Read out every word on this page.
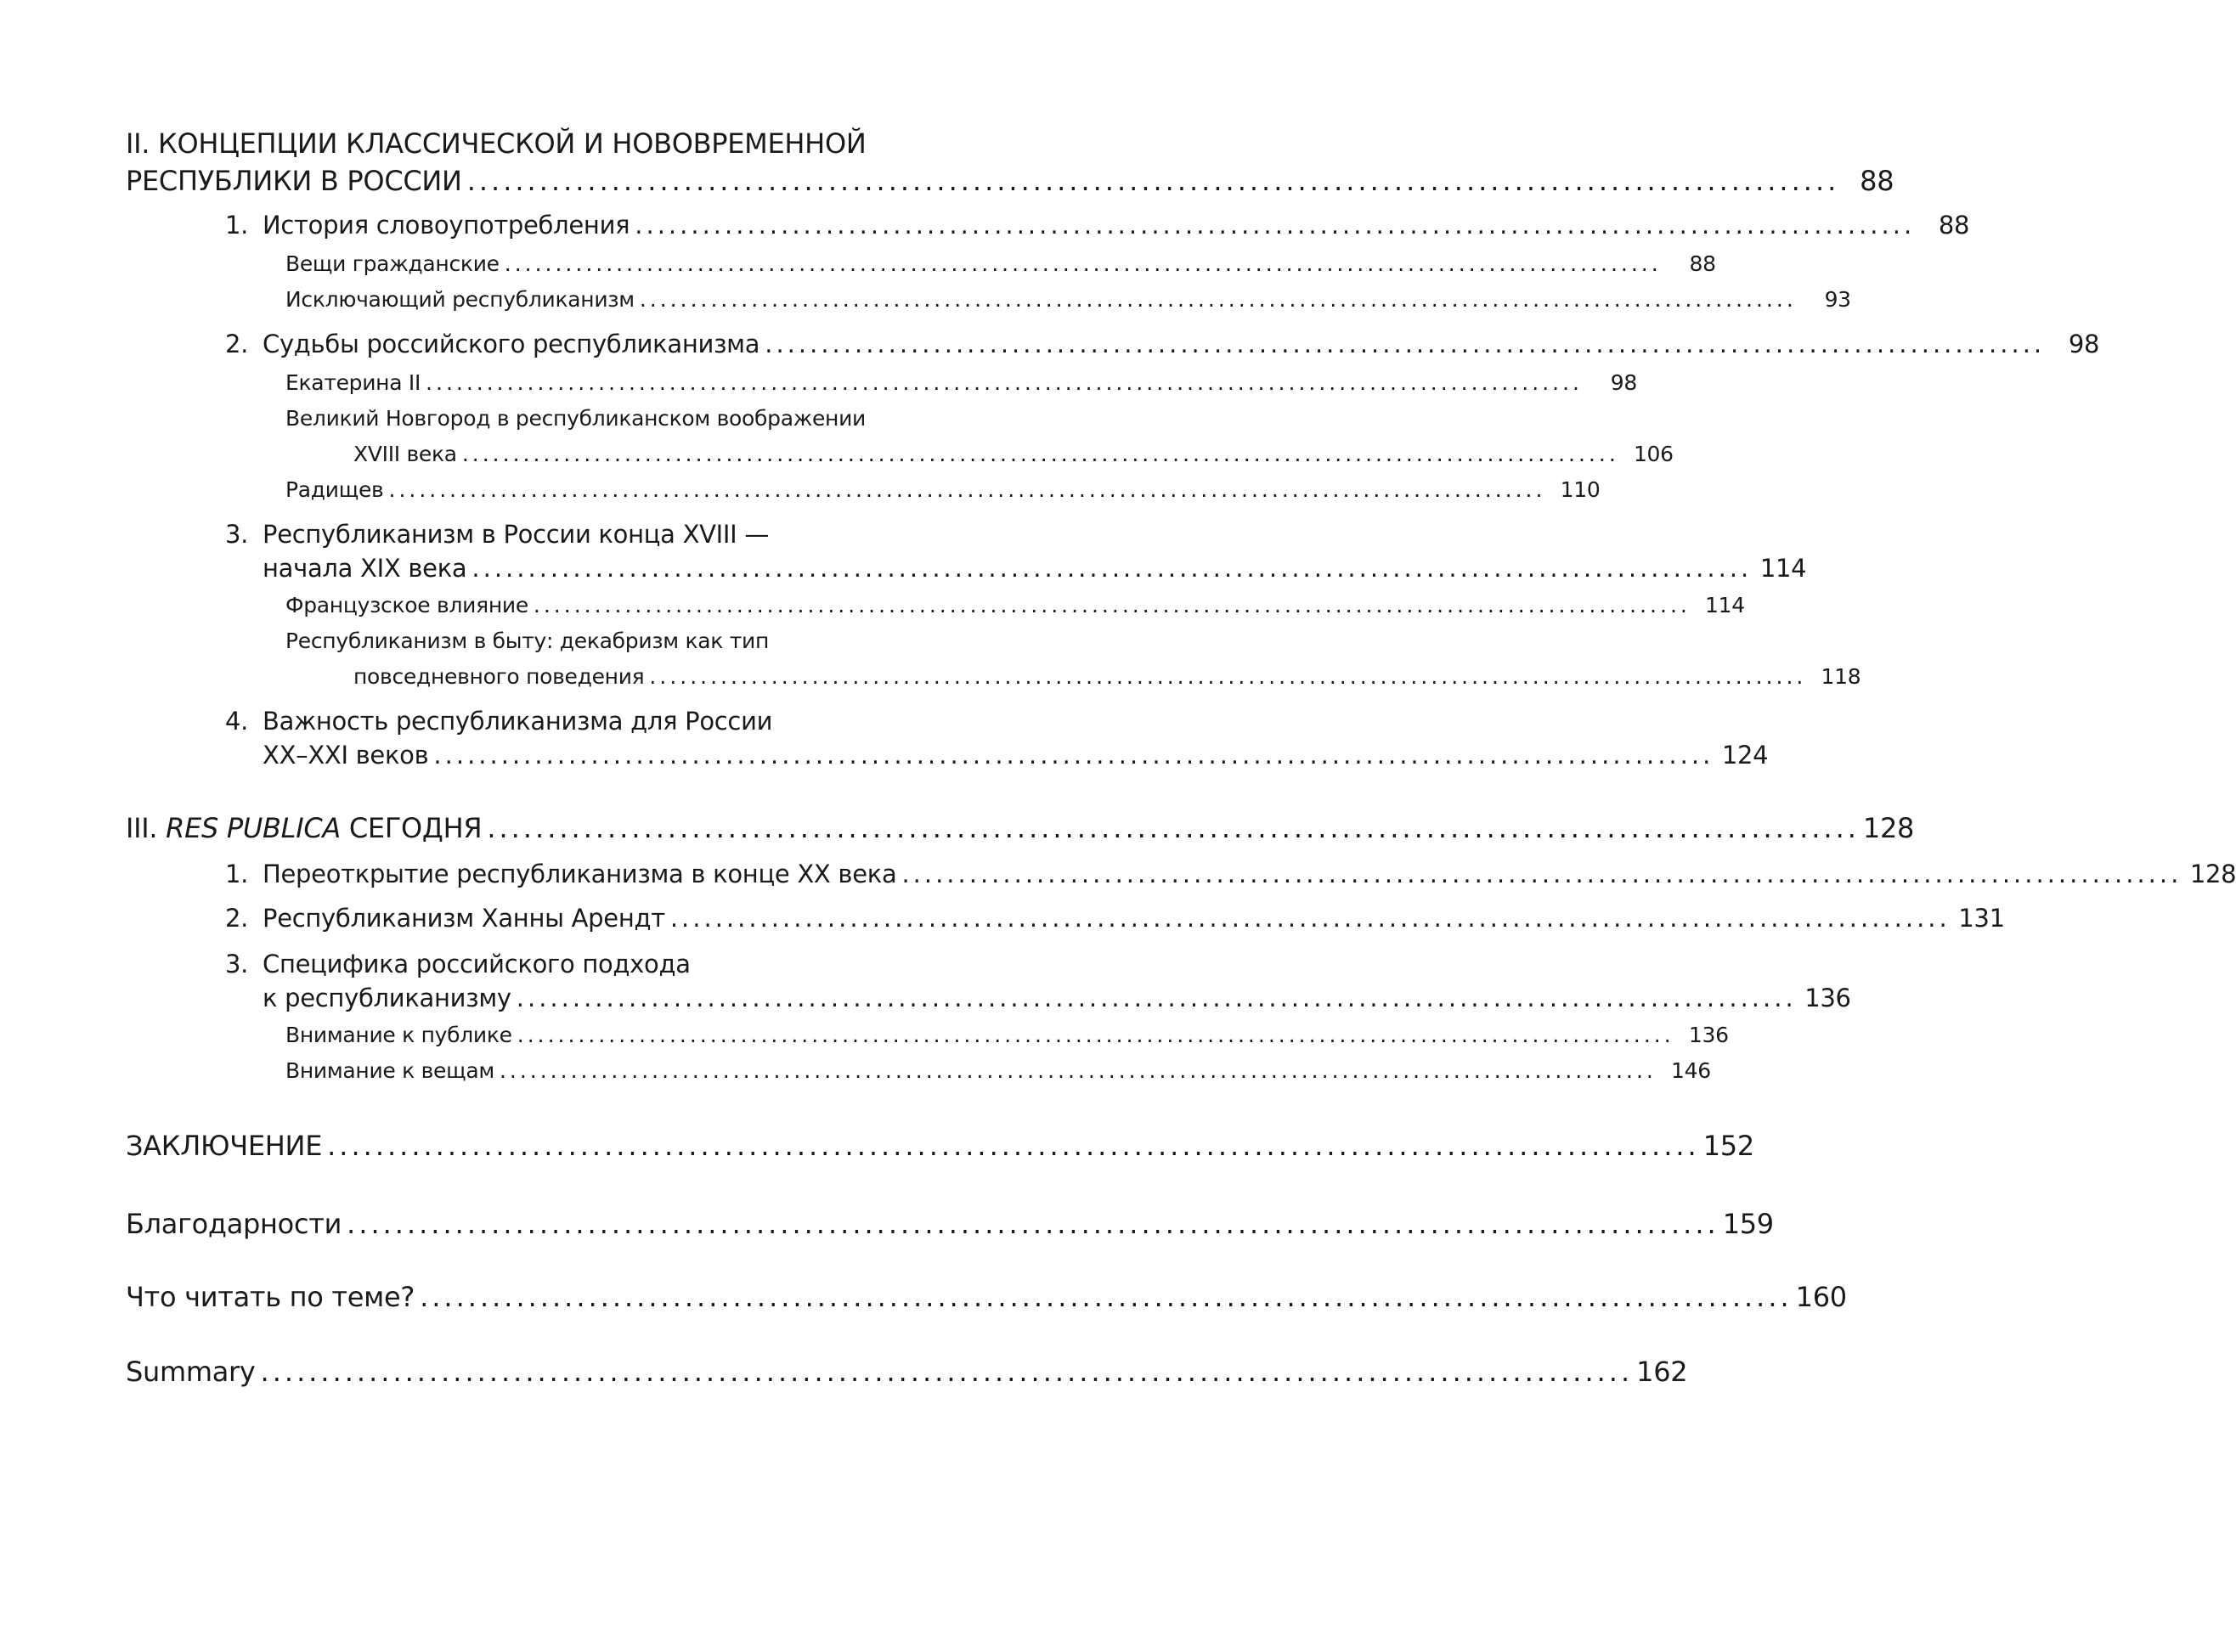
II. КОНЦЕПЦИИ КЛАССИЧЕСКОЙ И НОВОВРЕМЕННОЙ
РЕСПУБЛИКИ В РОССИИ .................................................................................................................. 88
1. История словоупотребления .................................................................................................................. 88
Вещи гражданские ..................................................................................................................	88
Исключающий республиканизм ..................................................................................................................	93
2. Судьбы российского республиканизма .................................................................................................................. 98
Екатерина II ..................................................................................................................	98
Великий Новгород в республиканском воображении
XVIII века .................................................................................................................. 106
Радищев .................................................................................................................. 110
3. Республиканизм в России конца XVIII —
начала XIX века .................................................................................................................. 114
Французское влияние .................................................................................................................. 114
Республиканизм в быту: декабризм как тип
повседневного поведения .................................................................................................................. 118
4. Важность республиканизма для России
XX–XXI веков .................................................................................................................. 124
III. RES PUBLICA СЕГОДНЯ .................................................................................................................. 128
1. Переоткрытие республиканизма в конце XX века .................................................................................................................. 128
2. Республиканизм Ханны Арендт .................................................................................................................. 131
3. Специфика российского подхода
к республиканизму .................................................................................................................. 136
Внимание к публике .................................................................................................................. 136
Внимание к вещам .................................................................................................................. 146
ЗАКЛЮЧЕНИЕ .................................................................................................................. 152
Благодарности .................................................................................................................. 159
Что читать по теме? .................................................................................................................. 160
Summary .................................................................................................................. 162
